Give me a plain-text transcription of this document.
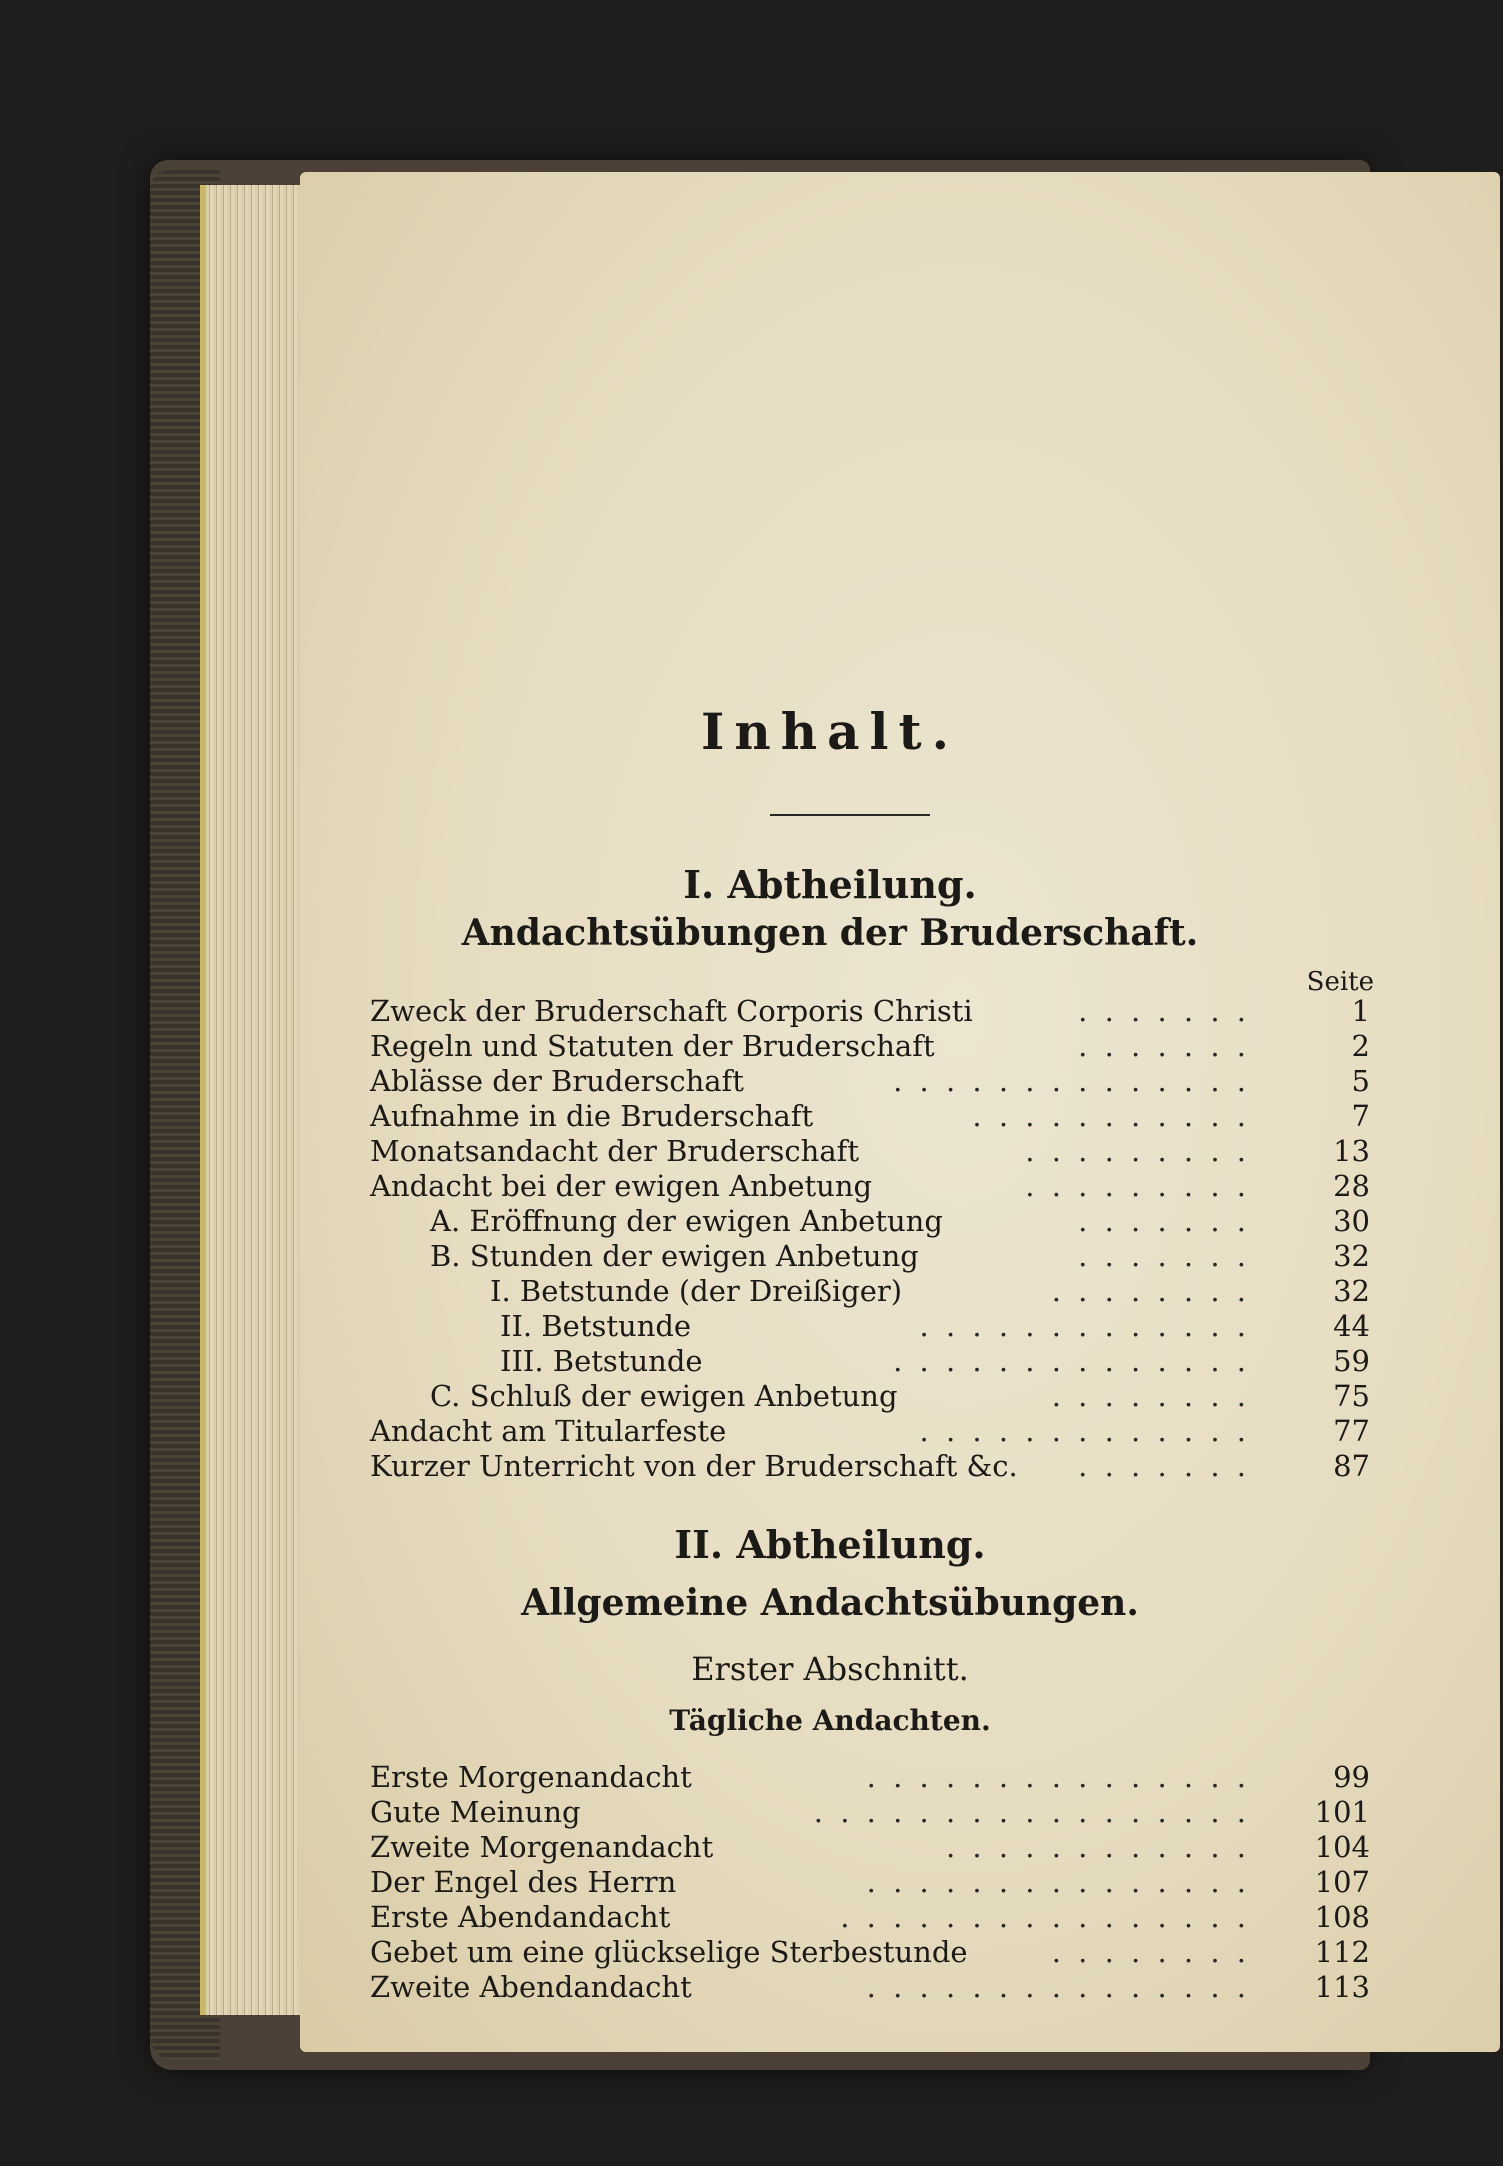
Inhalt.
I. Abtheilung.
Andachtsübungen der Bruderschaft.
Seite
Zweck der Bruderschaft Corporis Christi	. . . . . . .	1
Regeln und Statuten der Bruderschaft	. . . . . . .	2
Ablässe der Bruderschaft	. . . . . . . . . . . . . .	5
Aufnahme in die Bruderschaft	. . . . . . . . . . .	7
Monatsandacht der Bruderschaft	. . . . . . . . .	13
Andacht bei der ewigen Anbetung	. . . . . . . . .	28
A. Eröffnung der ewigen Anbetung	. . . . . . .	30
B. Stunden der ewigen Anbetung	. . . . . . .	32
I. Betstunde (der Dreißiger)	. . . . . . . .	32
II. Betstunde	. . . . . . . . . . . . .	44
III. Betstunde	. . . . . . . . . . . . . .	59
C. Schluß der ewigen Anbetung	. . . . . . . .	75
Andacht am Titularfeste	. . . . . . . . . . . . .	77
Kurzer Unterricht von der Bruderschaft &c. . . . . . . .	87
II. Abtheilung.
Allgemeine Andachtsübungen.
Erster Abschnitt.
Tägliche Andachten.
Erste Morgenandacht	. . . . . . . . . . . . . . .	99
Gute Meinung	. . . . . . . . . . . . . . . . .	101
Zweite Morgenandacht	. . . . . . . . . . . .	104
Der Engel des Herrn	. . . . . . . . . . . . . . .	107
Erste Abendandacht	. . . . . . . . . . . . . . . .	108
Gebet um eine glückselige Sterbestunde	. . . . . . . .	112
Zweite Abendandacht	. . . . . . . . . . . . . . .	113
